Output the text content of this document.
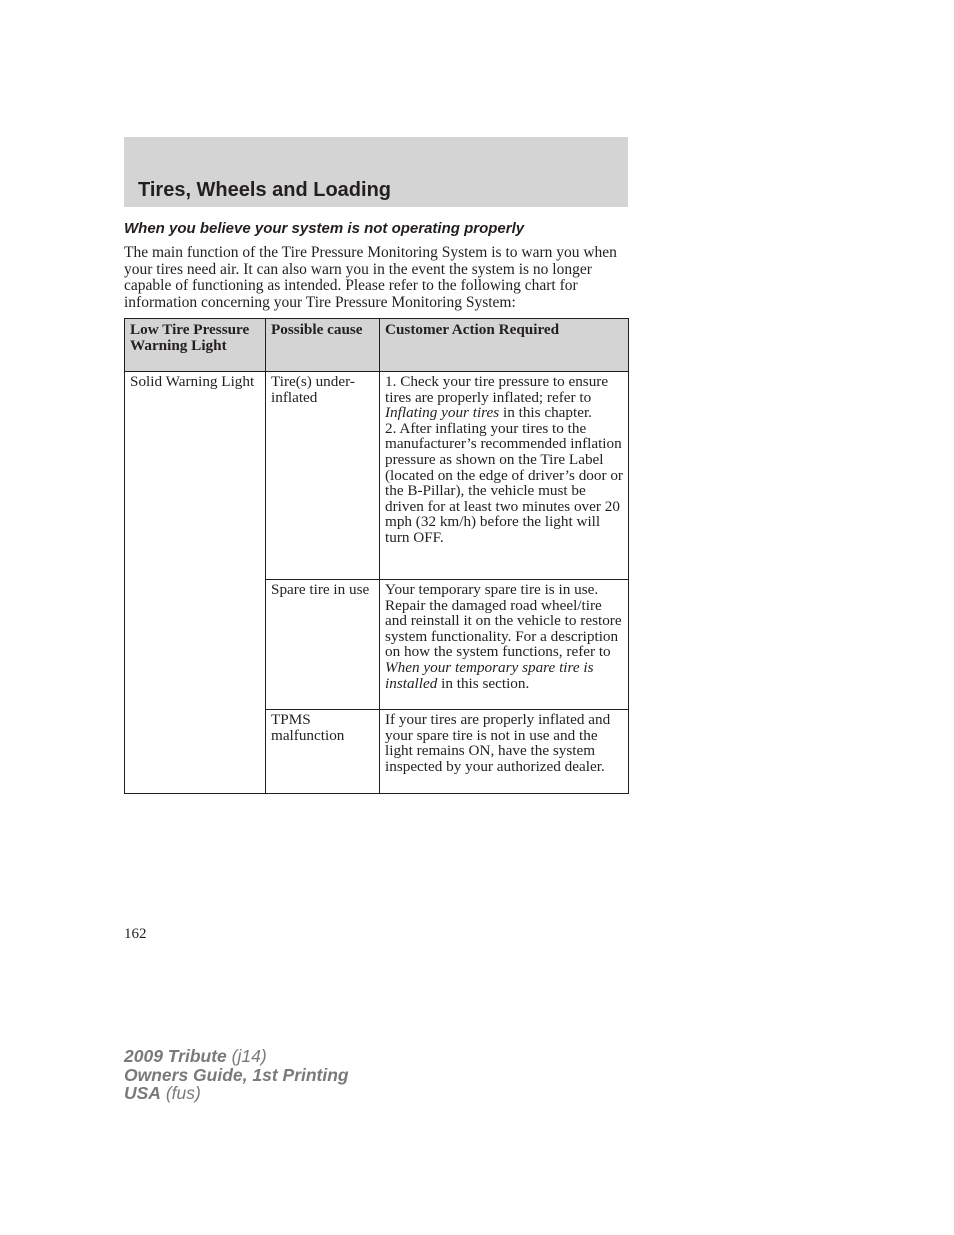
Tires, Wheels and Loading
When you believe your system is not operating properly

The main function of the Tire Pressure Monitoring System is to warn you when your tires need air. It can also warn you in the event the system is no longer capable of functioning as intended. Please refer to the following chart for information concerning your Tire Pressure Monitoring System:

Low Tire Pressure Warning Light	Possible cause	Customer Action Required
Solid Warning Light	Tire(s) under-inflated	1. Check your tire pressure to ensure tires are properly inflated; refer to Inflating your tires in this chapter.
2. After inflating your tires to the manufacturer’s recommended inflation pressure as shown on the Tire Label (located on the edge of driver’s door or the B-Pillar), the vehicle must be driven for at least two minutes over 20 mph (32 km/h) before the light will turn OFF.
	Spare tire in use	Your temporary spare tire is in use. Repair the damaged road wheel/tire and reinstall it on the vehicle to restore system functionality. For a description on how the system functions, refer to When your temporary spare tire is installed in this section.
	TPMS malfunction	If your tires are properly inflated and your spare tire is not in use and the light remains ON, have the system inspected by your authorized dealer.

162

2009 Tribute (j14)
Owners Guide, 1st Printing
USA (fus)
